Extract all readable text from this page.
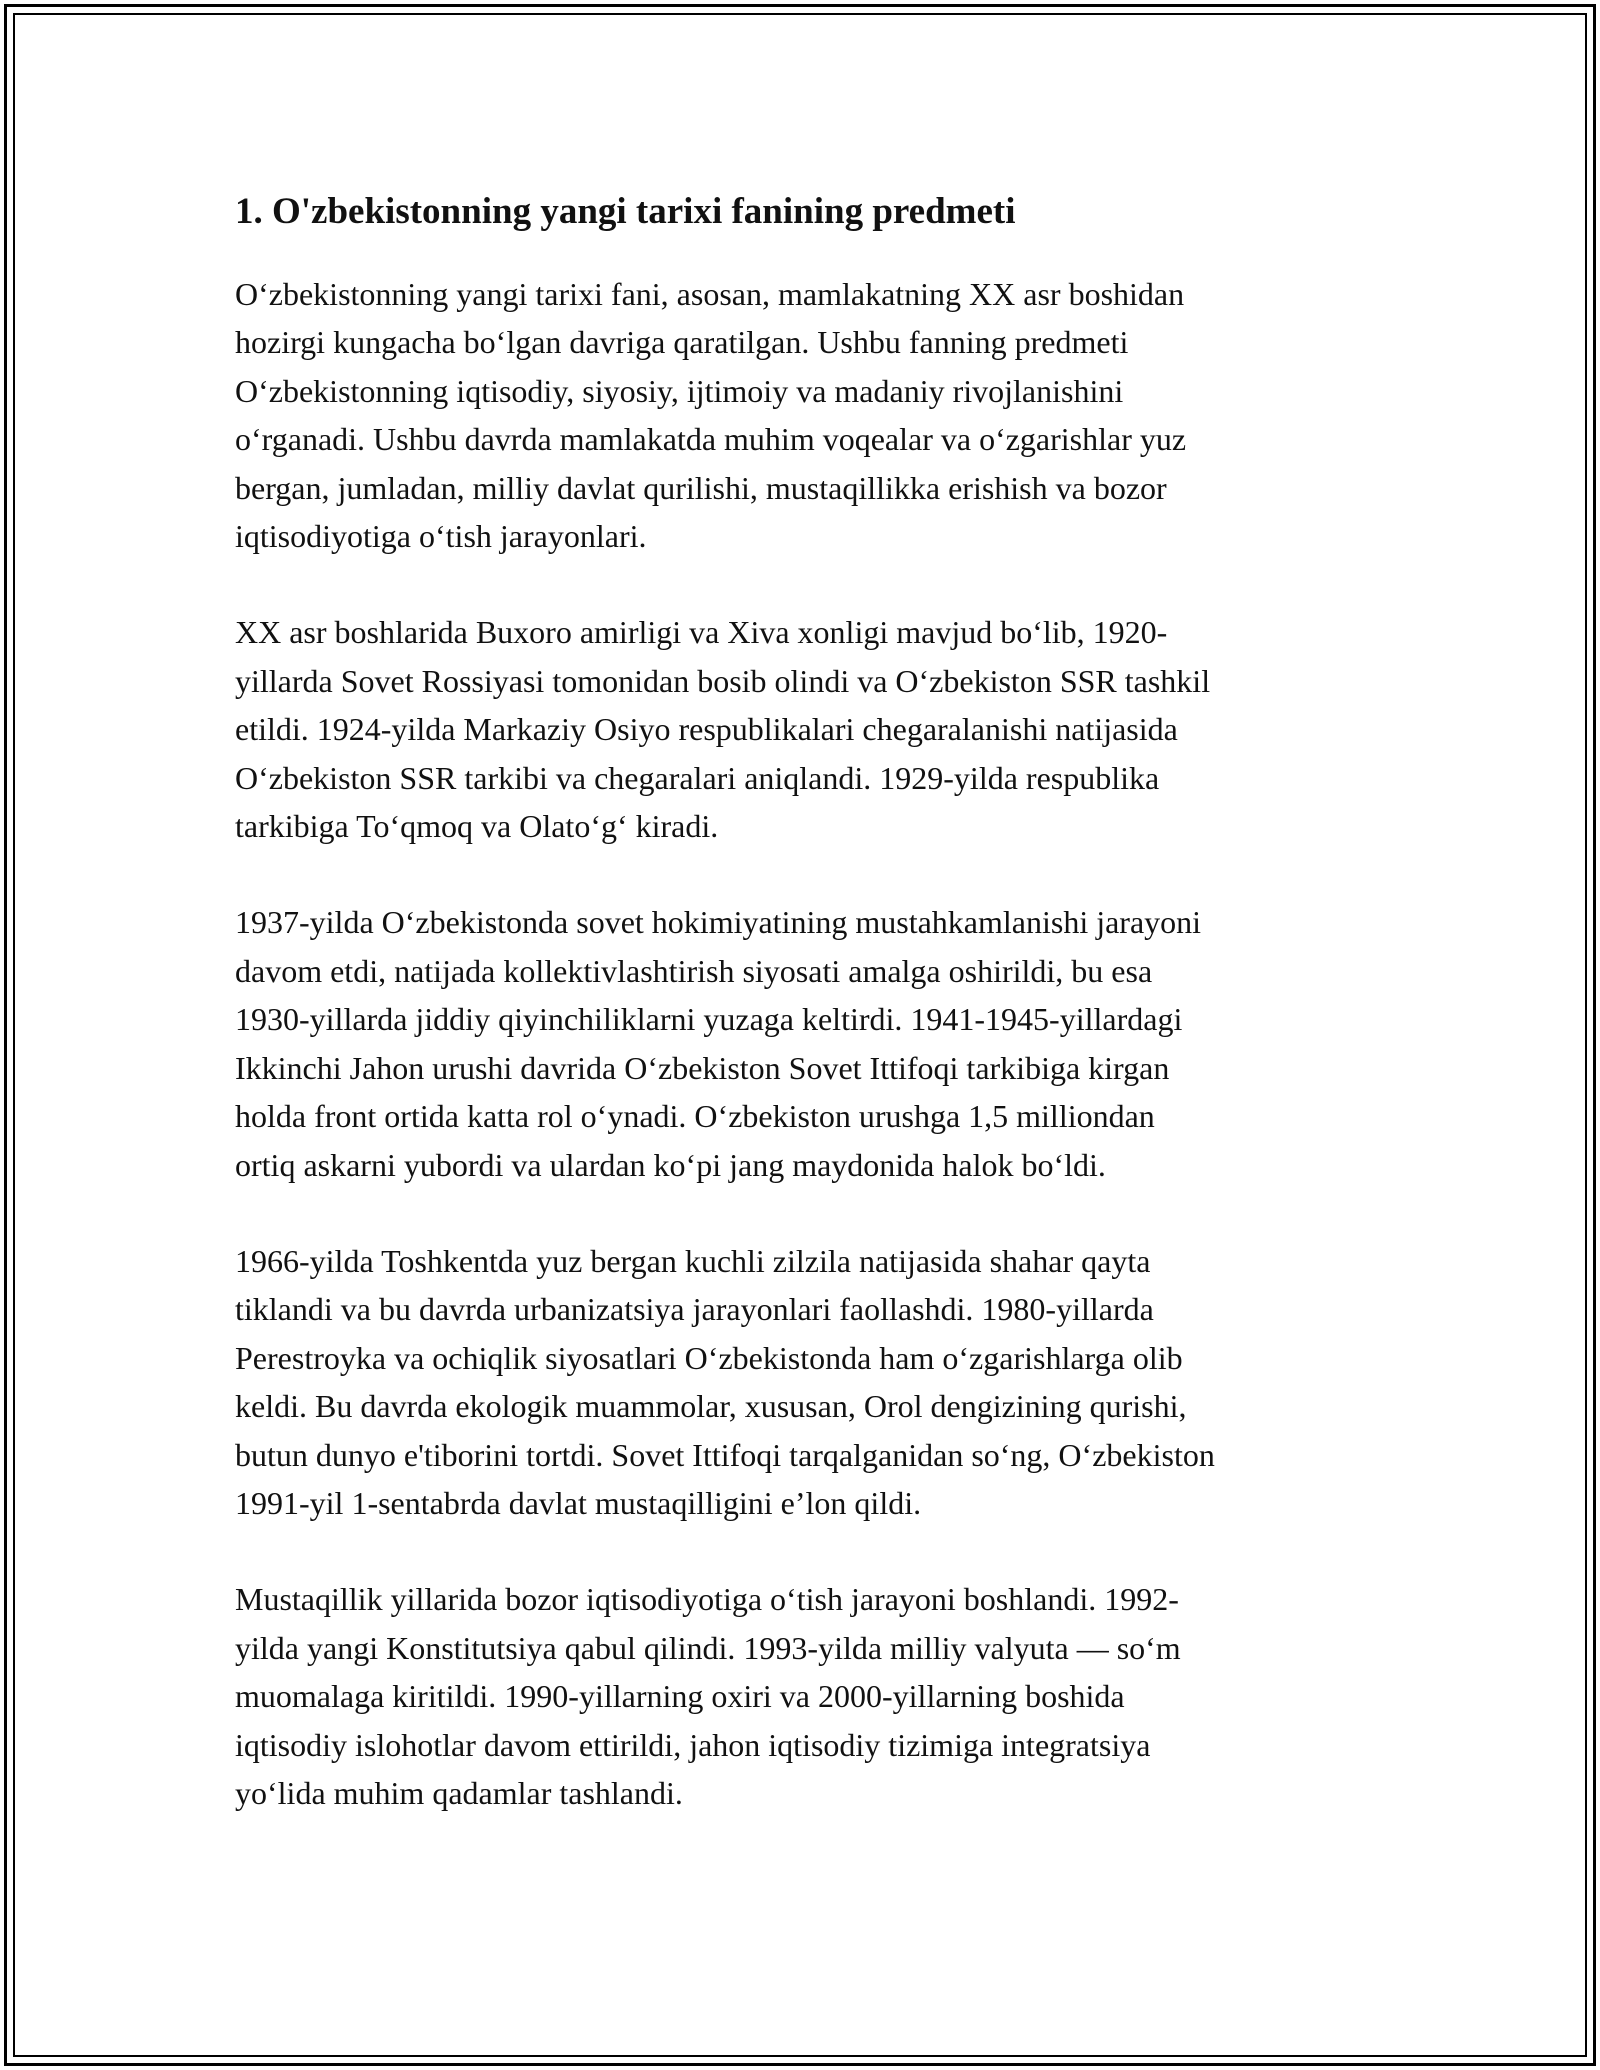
1. O'zbekistonning yangi tarixi fanining predmeti

O‘zbekistonning yangi tarixi fani, asosan, mamlakatning XX asr boshidan
hozirgi kungacha bo‘lgan davriga qaratilgan. Ushbu fanning predmeti
O‘zbekistonning iqtisodiy, siyosiy, ijtimoiy va madaniy rivojlanishini
o‘rganadi. Ushbu davrda mamlakatda muhim voqealar va o‘zgarishlar yuz
bergan, jumladan, milliy davlat qurilishi, mustaqillikka erishish va bozor
iqtisodiyotiga o‘tish jarayonlari.

XX asr boshlarida Buxoro amirligi va Xiva xonligi mavjud bo‘lib, 1920-
yillarda Sovet Rossiyasi tomonidan bosib olindi va O‘zbekiston SSR tashkil
etildi. 1924-yilda Markaziy Osiyo respublikalari chegaralanishi natijasida
O‘zbekiston SSR tarkibi va chegaralari aniqlandi. 1929-yilda respublika
tarkibiga To‘qmoq va Olato‘g‘ kiradi.

1937-yilda O‘zbekistonda sovet hokimiyatining mustahkamlanishi jarayoni
davom etdi, natijada kollektivlashtirish siyosati amalga oshirildi, bu esa
1930-yillarda jiddiy qiyinchiliklarni yuzaga keltirdi. 1941-1945-yillardagi
Ikkinchi Jahon urushi davrida O‘zbekiston Sovet Ittifoqi tarkibiga kirgan
holda front ortida katta rol o‘ynadi. O‘zbekiston urushga 1,5 milliondan
ortiq askarni yubordi va ulardan ko‘pi jang maydonida halok bo‘ldi.

1966-yilda Toshkentda yuz bergan kuchli zilzila natijasida shahar qayta
tiklandi va bu davrda urbanizatsiya jarayonlari faollashdi. 1980-yillarda
Perestroyka va ochiqlik siyosatlari O‘zbekistonda ham o‘zgarishlarga olib
keldi. Bu davrda ekologik muammolar, xususan, Orol dengizining qurishi,
butun dunyo e'tiborini tortdi. Sovet Ittifoqi tarqalganidan so‘ng, O‘zbekiston
1991-yil 1-sentabrda davlat mustaqilligini e’lon qildi.

Mustaqillik yillarida bozor iqtisodiyotiga o‘tish jarayoni boshlandi. 1992-
yilda yangi Konstitutsiya qabul qilindi. 1993-yilda milliy valyuta — so‘m
muomalaga kiritildi. 1990-yillarning oxiri va 2000-yillarning boshida
iqtisodiy islohotlar davom ettirildi, jahon iqtisodiy tizimiga integratsiya
yo‘lida muhim qadamlar tashlandi.
